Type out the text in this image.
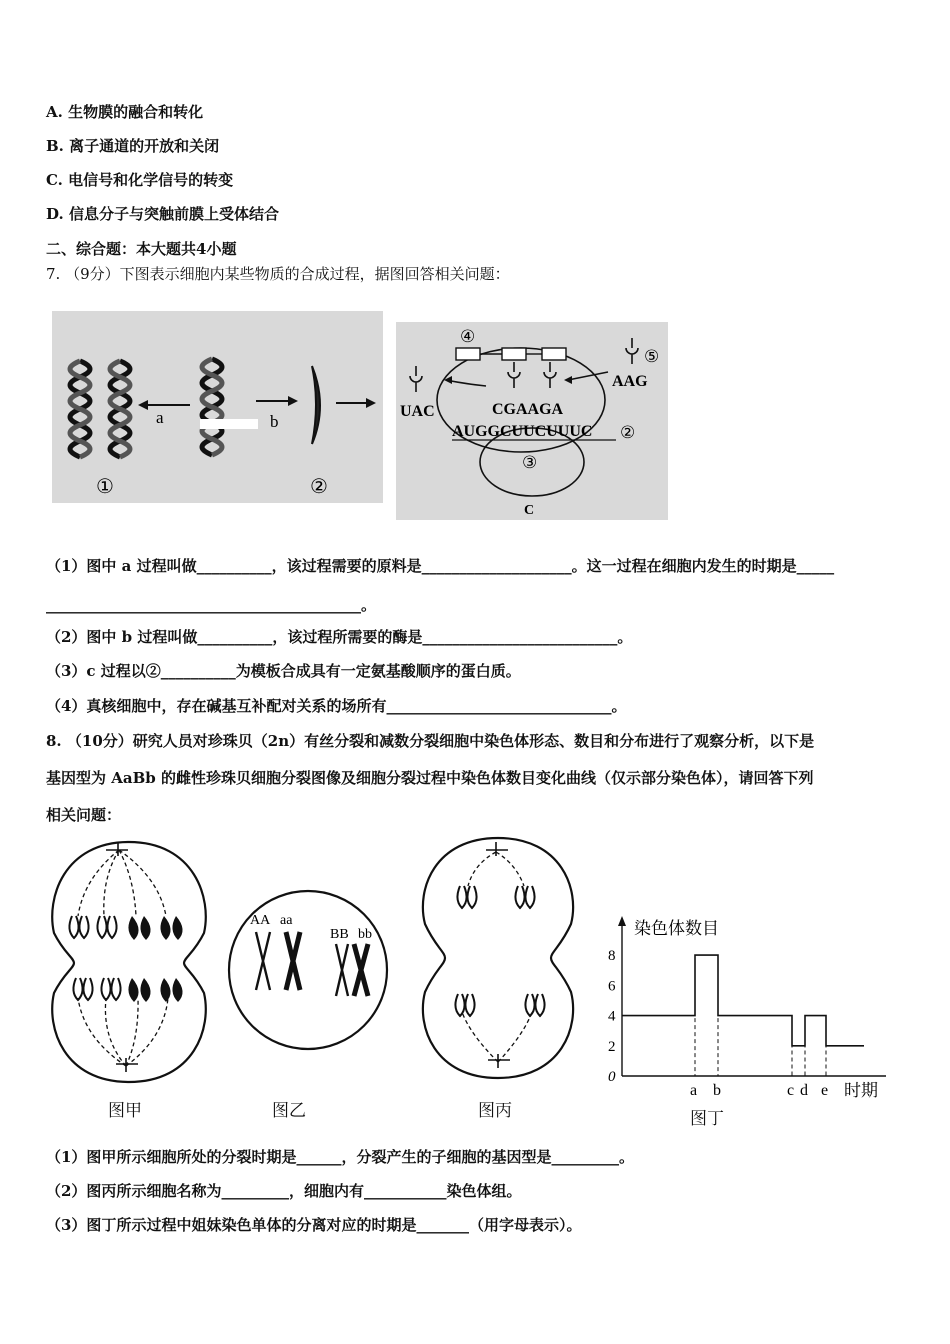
A. 生物膜的融合和转化
B. 离子通道的开放和关闭
C. 电信号和化学信号的转变
D. 信息分子与突触前膜上受体结合
二、综合题：本大题共4小题
7. （9分）下图表示细胞内某些物质的合成过程，据图回答相关问题：
a	b
①	②
④
⑤
UAC
AAG
CGAAGA
AUGGCUUCUUUC ②
③
C
（1）图中 a 过程叫做__________，该过程需要的原料是____________________。这一过程在细胞内发生的时期是_____
__________________________________________。
（2）图中 b 过程叫做__________，该过程所需要的酶是__________________________。
（3）c 过程以②__________为模板合成具有一定氨基酸顺序的蛋白质。
（4）真核细胞中，存在碱基互补配对关系的场所有______________________________。
8. （10分）研究人员对珍珠贝（2n）有丝分裂和减数分裂细胞中染色体形态、数目和分布进行了观察分析，以下是
基因型为 AaBb 的雌性珍珠贝细胞分裂图像及细胞分裂过程中染色体数目变化曲线（仅示部分染色体），请回答下列
相关问题：
图甲
AA aa
BB bb
图乙	图丙
染色体数目
时期
0
2
4
6
8
a b	c d e
图丁
（1）图甲所示细胞所处的分裂时期是______，分裂产生的子细胞的基因型是_________。
（2）图丙所示细胞名称为_________，细胞内有___________染色体组。
（3）图丁所示过程中姐妹染色单体的分离对应的时期是_______（用字母表示）。
